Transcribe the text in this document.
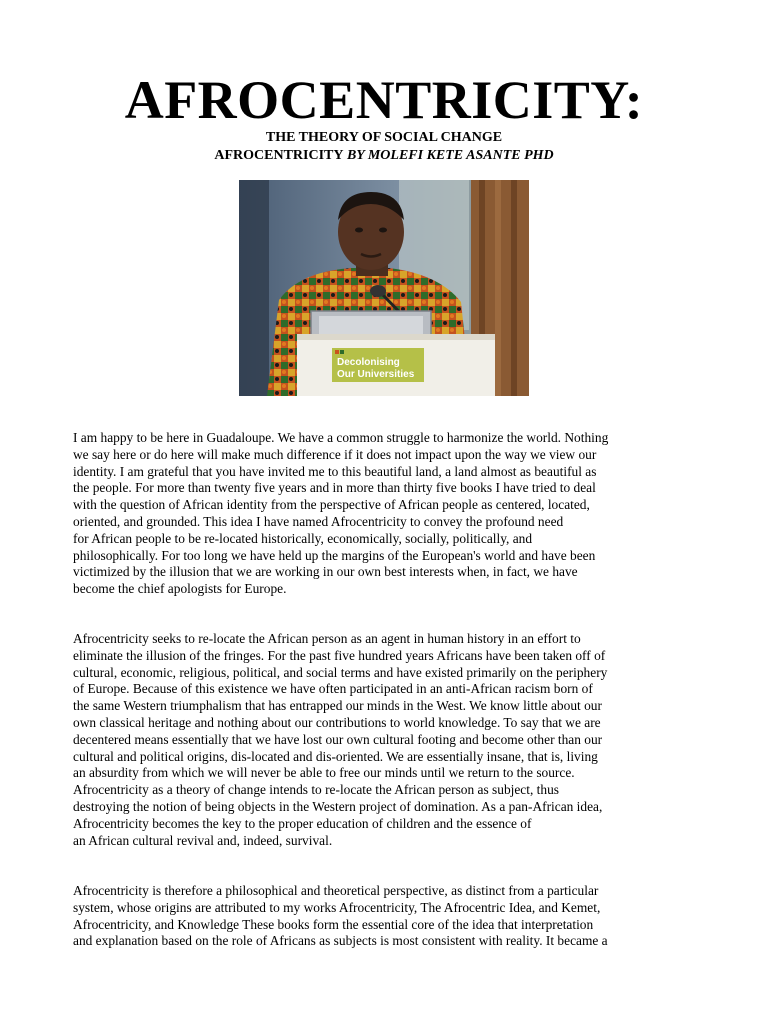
AFROCENTRICITY:
THE THEORY OF SOCIAL CHANGE
AFROCENTRICITY BY MOLEFI KETE ASANTE PHD
Decolonising
Our Universities
I am happy to be here in Guadaloupe. We have a common struggle to harmonize the world. Nothing
we say here or do here will make much difference if it does not impact upon the way we view our
identity. I am grateful that you have invited me to this beautiful land, a land almost as beautiful as
the people. For more than twenty five years and in more than thirty five books I have tried to deal
with the question of African identity from the perspective of African people as centered, located,
oriented, and grounded. This idea I have named Afrocentricity to convey the profound need
for African people to be re-located historically, economically, socially, politically, and
philosophically. For too long we have held up the margins of the European's world and have been
victimized by the illusion that we are working in our own best interests when, in fact, we have
become the chief apologists for Europe.
Afrocentricity seeks to re-locate the African person as an agent in human history in an effort to
eliminate the illusion of the fringes. For the past five hundred years Africans have been taken off of
cultural, economic, religious, political, and social terms and have existed primarily on the periphery
of Europe. Because of this existence we have often participated in an anti-African racism born of
the same Western triumphalism that has entrapped our minds in the West. We know little about our
own classical heritage and nothing about our contributions to world knowledge. To say that we are
decentered means essentially that we have lost our own cultural footing and become other than our
cultural and political origins, dis-located and dis-oriented. We are essentially insane, that is, living
an absurdity from which we will never be able to free our minds until we return to the source.
Afrocentricity as a theory of change intends to re-locate the African person as subject, thus
destroying the notion of being objects in the Western project of domination. As a pan-African idea,
Afrocentricity becomes the key to the proper education of children and the essence of
an African cultural revival and, indeed, survival.
Afrocentricity is therefore a philosophical and theoretical perspective, as distinct from a particular
system, whose origins are attributed to my works Afrocentricity, The Afrocentric Idea, and Kemet,
Afrocentricity, and Knowledge These books form the essential core of the idea that interpretation
and explanation based on the role of Africans as subjects is most consistent with reality. It became a
